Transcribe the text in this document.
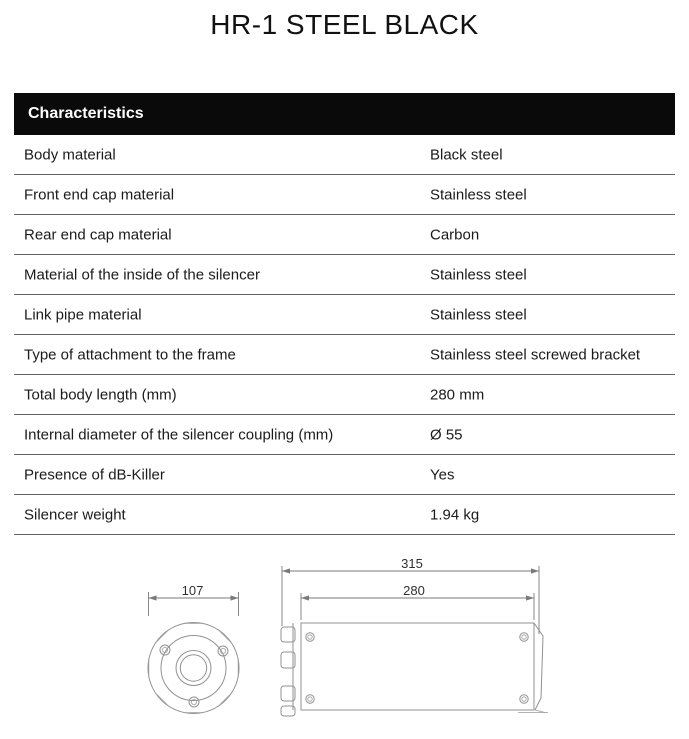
HR-1 STEEL BLACK
Characteristics
Body material	Black steel
Front end cap material	Stainless steel
Rear end cap material	Carbon
Material of the inside of the silencer	Stainless steel
Link pipe material	Stainless steel
Type of attachment to the frame	Stainless steel screwed bracket
Total body length (mm)	280 mm
Internal diameter of the silencer coupling (mm)	Ø 55
Presence of dB-Killer	Yes
Silencer weight	1.94 kg
107
315
280
